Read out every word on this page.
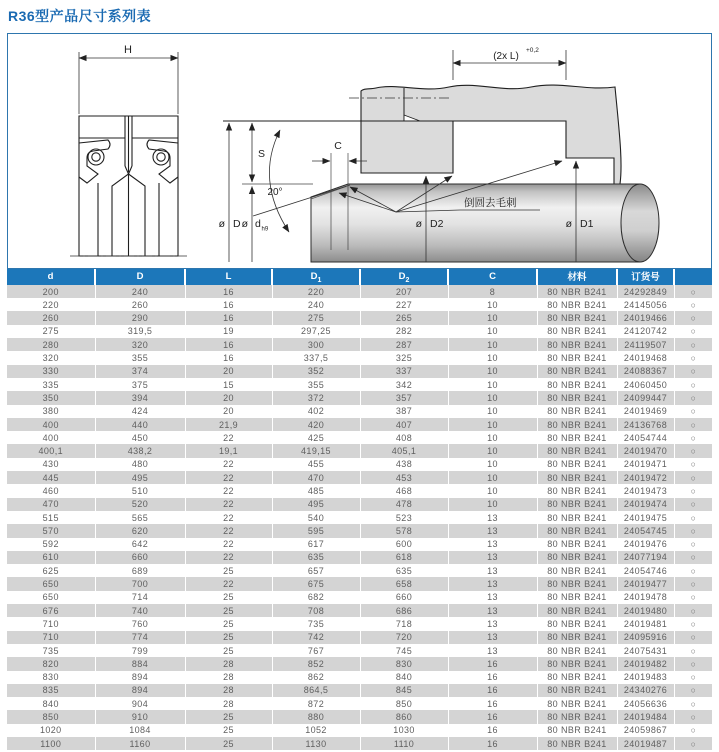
R36型产品尺寸系列表
H
(2x L)
+0,2
ø D
S
ø d h9
20°
C
ø D2	ø D1
倒圆去毛刺
d	D	L	$D_1$	$D_2$	C	材料	订货号	
200	240	16	220	207	8	80 NBR B241	24292849	○
220	260	16	240	227	10	80 NBR B241	24145056	○
260	290	16	275	265	10	80 NBR B241	24019466	○
275	319,5	19	297,25	282	10	80 NBR B241	24120742	○
280	320	16	300	287	10	80 NBR B241	24119507	○
320	355	16	337,5	325	10	80 NBR B241	24019468	○
330	374	20	352	337	10	80 NBR B241	24088367	○
335	375	15	355	342	10	80 NBR B241	24060450	○
350	394	20	372	357	10	80 NBR B241	24099447	○
380	424	20	402	387	10	80 NBR B241	24019469	○
400	440	21,9	420	407	10	80 NBR B241	24136768	○
400	450	22	425	408	10	80 NBR B241	24054744	○
400,1	438,2	19,1	419,15	405,1	10	80 NBR B241	24019470	○
430	480	22	455	438	10	80 NBR B241	24019471	○
445	495	22	470	453	10	80 NBR B241	24019472	○
460	510	22	485	468	10	80 NBR B241	24019473	○
470	520	22	495	478	10	80 NBR B241	24019474	○
515	565	22	540	523	13	80 NBR B241	24019475	○
570	620	22	595	578	13	80 NBR B241	24054745	○
592	642	22	617	600	13	80 NBR B241	24019476	○
610	660	22	635	618	13	80 NBR B241	24077194	○
625	689	25	657	635	13	80 NBR B241	24054746	○
650	700	22	675	658	13	80 NBR B241	24019477	○
650	714	25	682	660	13	80 NBR B241	24019478	○
676	740	25	708	686	13	80 NBR B241	24019480	○
710	760	25	735	718	13	80 NBR B241	24019481	○
710	774	25	742	720	13	80 NBR B241	24095916	○
735	799	25	767	745	13	80 NBR B241	24075431	○
820	884	28	852	830	16	80 NBR B241	24019482	○
830	894	28	862	840	16	80 NBR B241	24019483	○
835	894	28	864,5	845	16	80 NBR B241	24340276	○
840	904	28	872	850	16	80 NBR B241	24056636	○
850	910	25	880	860	16	80 NBR B241	24019484	○
1020	1084	25	1052	1030	16	80 NBR B241	24059867	○
1100	1160	25	1130	1110	16	80 NBR B241	24019487	○
